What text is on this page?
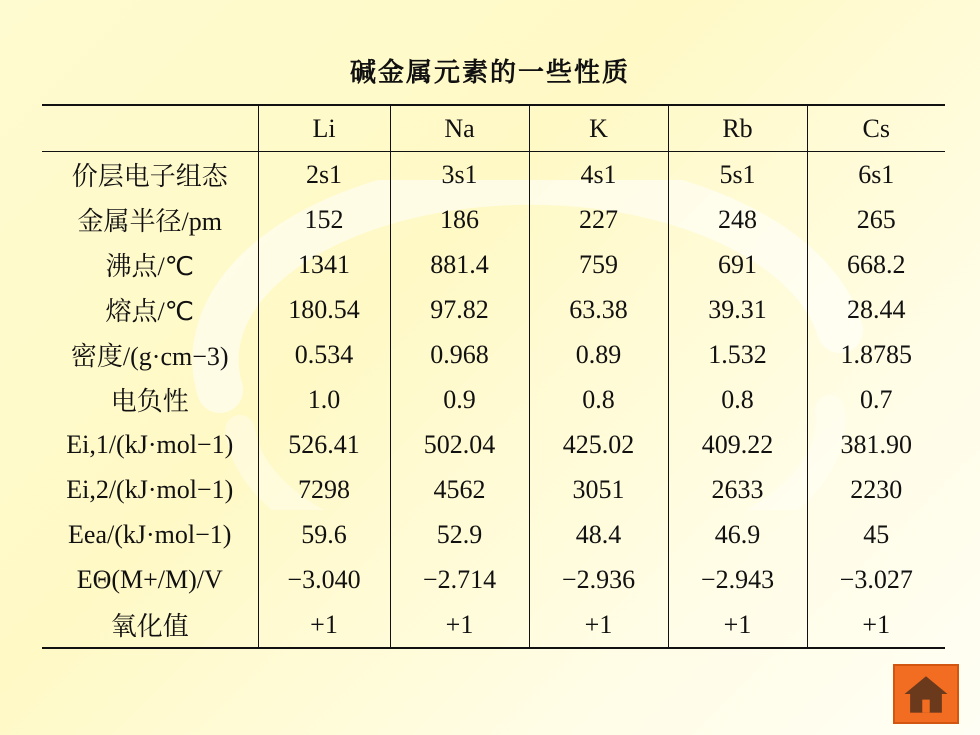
碱金属元素的一些性质
	Li	Na	K	Rb	Cs
价层电子组态	2s1	3s1	4s1	5s1	6s1
金属半径/pm	152	186	227	248	265
沸点/℃	1341	881.4	759	691	668.2
熔点/℃	180.54	97.82	63.38	39.31	28.44
密度/(g·cm−3)	0.534	0.968	0.89	1.532	1.8785
电负性	1.0	0.9	0.8	0.8	0.7
Ei,1/(kJ·mol−1)	526.41	502.04	425.02	409.22	381.90
Ei,2/(kJ·mol−1)	7298	4562	3051	2633	2230
Eea/(kJ·mol−1)	59.6	52.9	48.4	46.9	45
EΘ(M+/M)/V	−3.040	−2.714	−2.936	−2.943	−3.027
氧化值	+1	+1	+1	+1	+1
